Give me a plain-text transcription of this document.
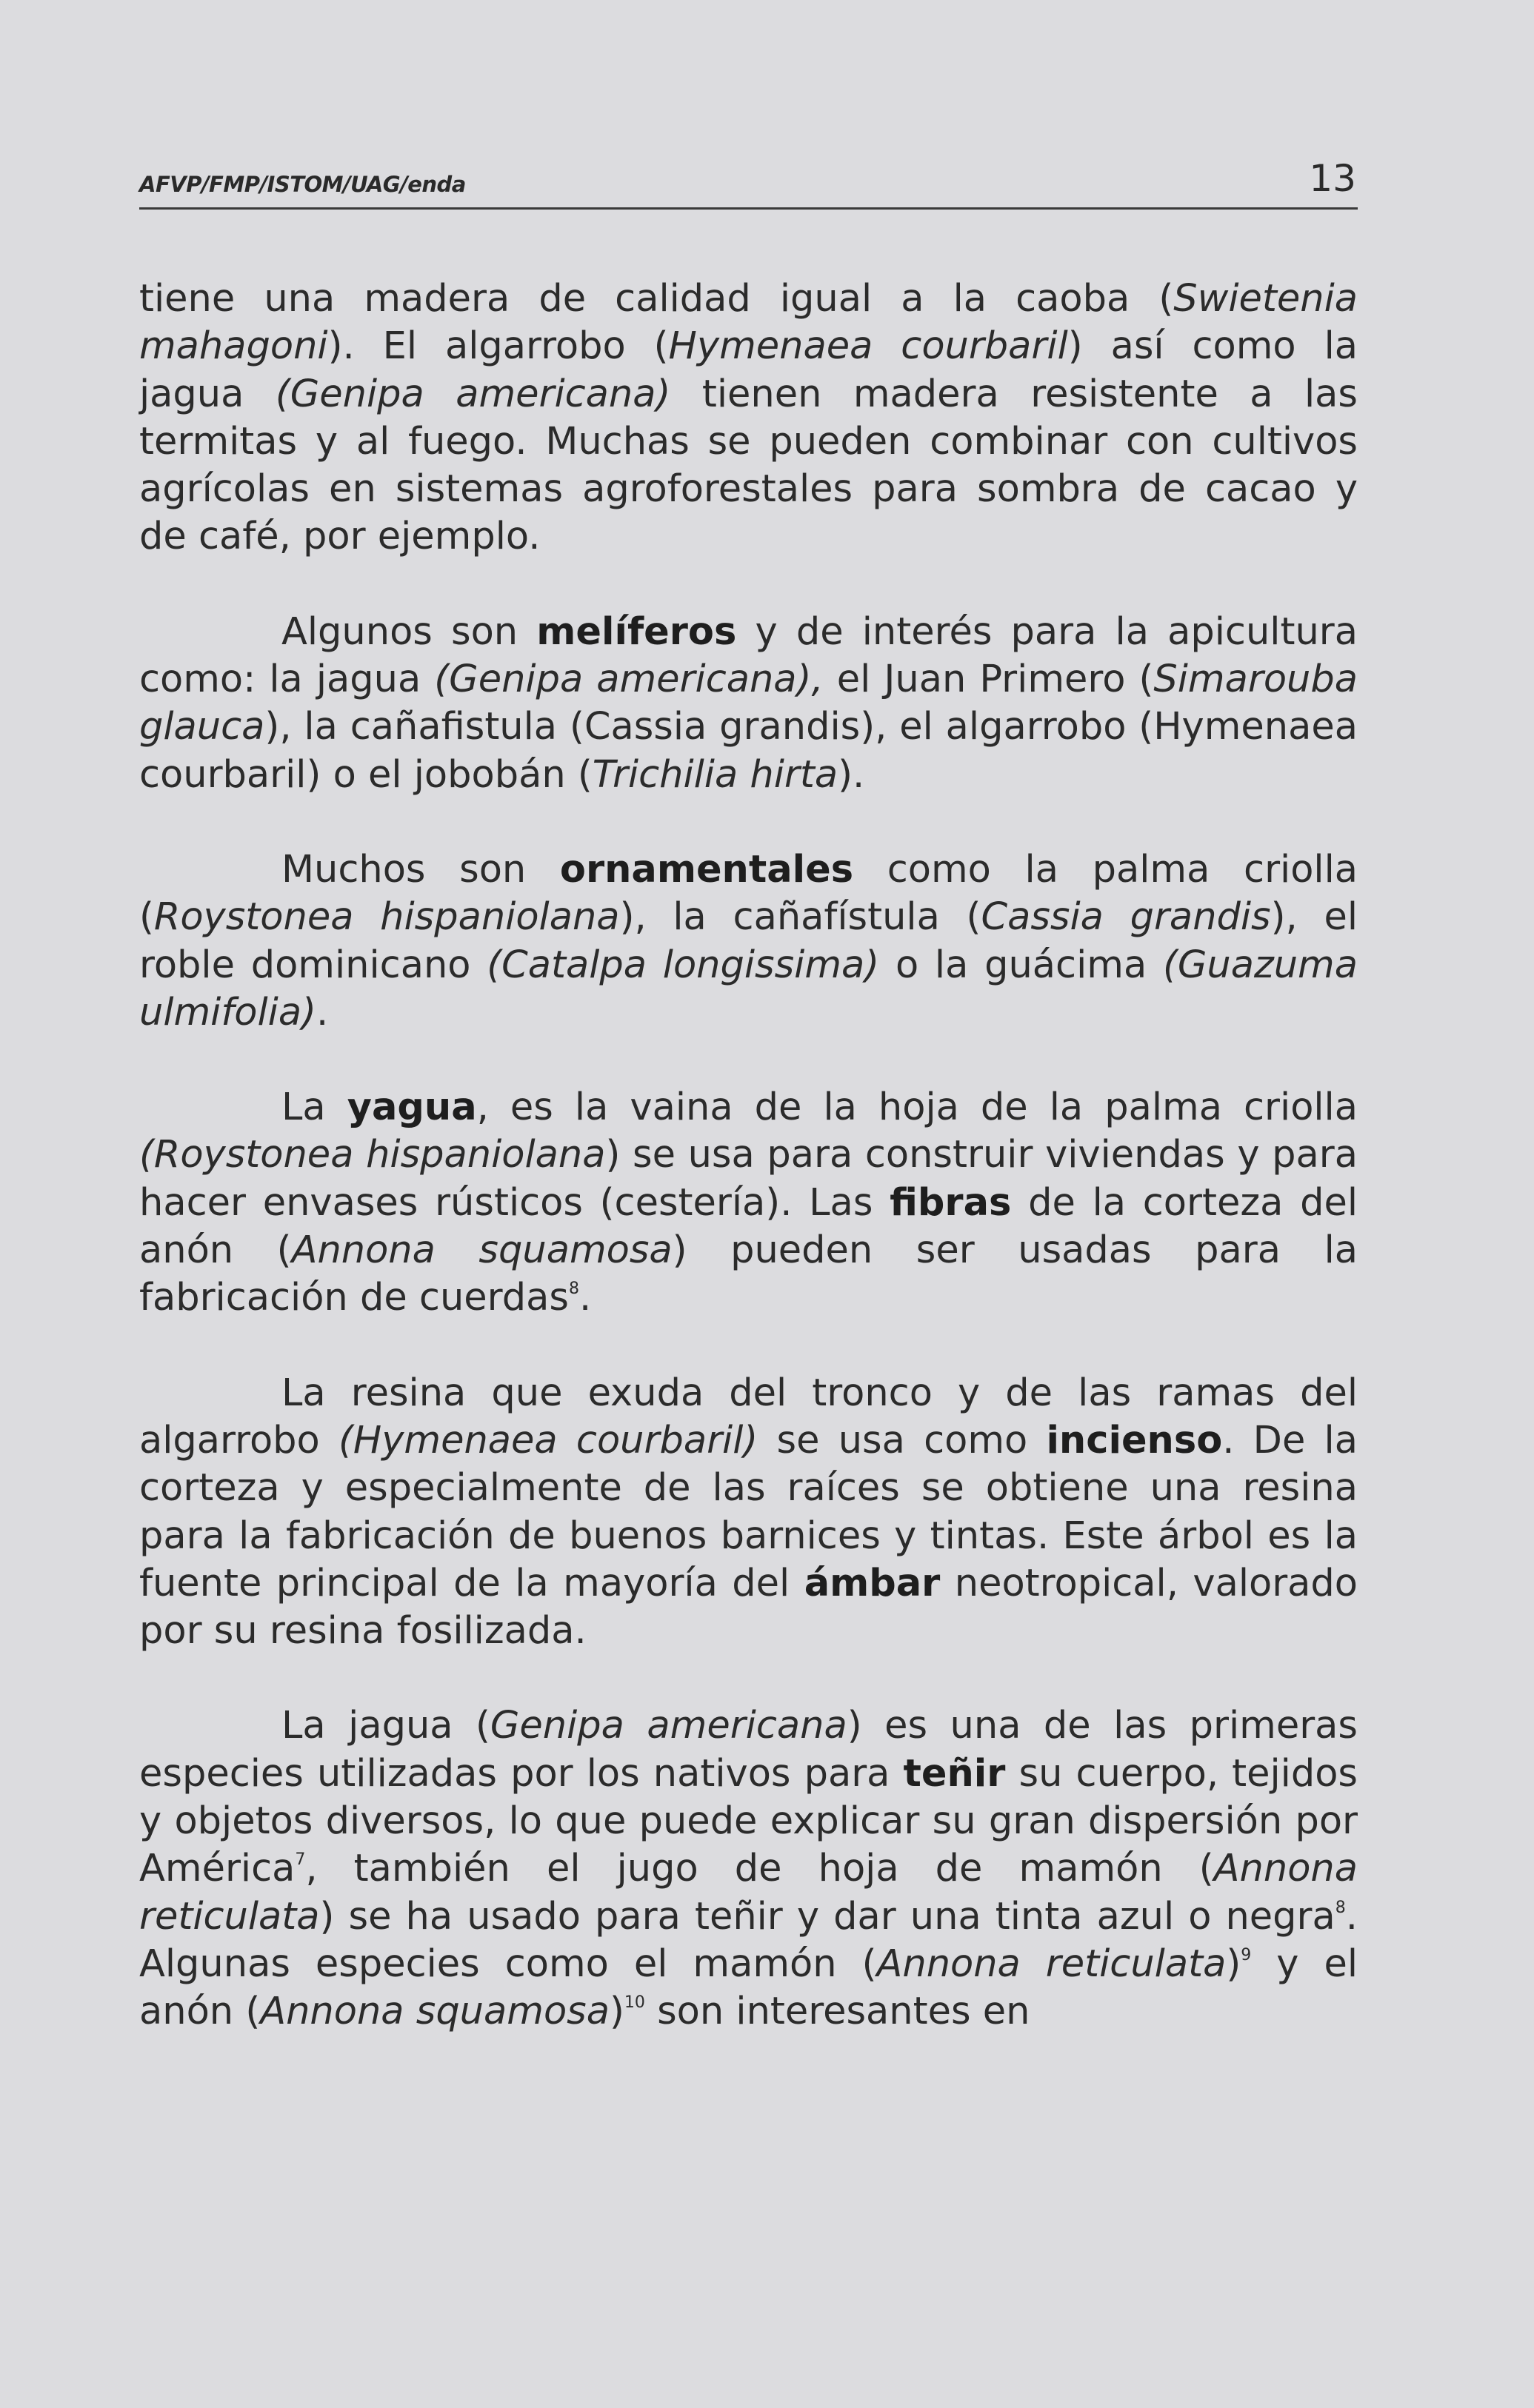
AFVP/FMP/ISTOM/UAG/enda	13

tiene una madera de calidad igual a la caoba (Swietenia mahagoni). El algarrobo (Hymenaea courbaril) así como la jagua (Genipa americana) tienen madera resistente a las termitas y al fuego. Muchas se pueden combinar con cultivos agrícolas en sistemas agroforestales para sombra de cacao y de café, por ejemplo.

Algunos son melíferos y de interés para la apicultura como: la jagua (Genipa americana), el Juan Primero (Simarouba glauca), la cañafistula (Cassia grandis), el algarrobo (Hymenaea courbaril) o el jobobán (Trichilia hirta).

Muchos son ornamentales como la palma criolla (Roystonea hispaniolana), la cañafístula (Cassia grandis), el roble dominicano (Catalpa longissima) o la guácima (Guazuma ulmifolia).

La yagua, es la vaina de la hoja de la palma criolla (Roystonea hispaniolana) se usa para construir viviendas y para hacer envases rústicos (cestería). Las fibras de la corteza del anón (Annona squamosa) pueden ser usadas para la fabricación de cuerdas$^8$.

La resina que exuda del tronco y de las ramas del algarrobo (Hymenaea courbaril) se usa como incienso. De la corteza y especialmente de las raíces se obtiene una resina para la fabricación de buenos barnices y tintas. Este árbol es la fuente principal de la mayoría del ámbar neotropical, valorado por su resina fosilizada.

La jagua (Genipa americana) es una de las primeras especies utilizadas por los nativos para teñir su cuerpo, tejidos y objetos diversos, lo que puede explicar su gran dispersión por América$^7$, también el jugo de hoja de mamón (Annona reticulata) se ha usado para teñir y dar una tinta azul o negra$^8$. Algunas especies como el mamón (Annona reticulata)$^9$ y el anón (Annona squamosa)$^{10}$ son interesantes en
